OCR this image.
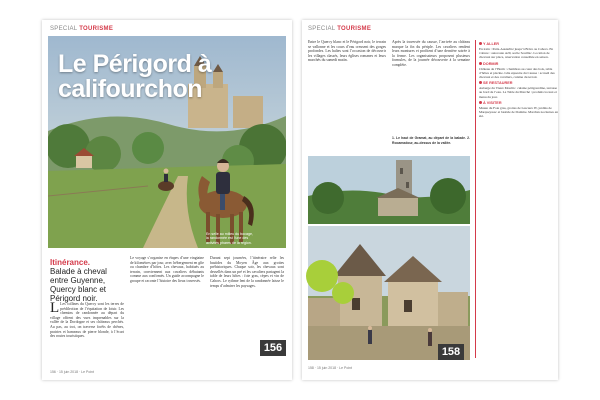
SPECIAL TOURISME
Le Périgord à califourchon
En selle au milieu du bocage,
la randonnée est l’une des
activités phares de la région.
156
Itinérance.
Balade à cheval entre Guyenne, Quercy blanc et Périgord noir.
L Les collines du Quercy sont les terres de prédilection de l’équitation de loisir. Les chemins de randonnée au départ du village offrent des vues imprenables sur la vallée de la Dordogne et ses châteaux perchés. Au pas, au trot, on traverse forêts de chênes, prairies et hameaux de pierre blonde, à l’écart des routes touristiques.
Le voyage s’organise en étapes d’une vingtaine de kilomètres par jour, avec hébergement en gîte ou chambre d’hôtes. Les chevaux, habitués au terrain, conviennent aux cavaliers débutants comme aux confirmés. Un guide accompagne le groupe et raconte l’histoire des lieux traversés.
Durant sept journées, l’itinéraire relie les bastides du Moyen Âge aux grottes préhistoriques. Chaque soir, les chevaux sont dessellés dans un pré et les cavaliers partagent la table de leurs hôtes : foie gras, cèpes et vin de Cahors. Le rythme lent de la randonnée laisse le temps d’admirer les paysages.
156 · 15 juin 2018 · Le Point
SPECIAL TOURISME
Entre le Quercy blanc et le Périgord noir, le terrain se vallonne et les cours d’eau creusent des gorges profondes. Les haltes sont l’occasion de découvrir les villages classés, leurs églises romanes et leurs marchés du samedi matin.
Après la traversée du causse, l’arrivée au château marque la fin du périple. Les cavaliers rendent leurs montures et profitent d’une dernière soirée à la ferme. Les organisateurs proposent plusieurs formules, de la journée découverte à la semaine complète.
1. Le haut de Gramat, au départ de la balade. 2. Rocamadour, au-dessus de la vallée.
158
Y ALLER
En train : Paris-Austerlitz jusqu’à Brive ou Cahors. En voiture : autoroute A20, sortie Souillac. Location de chevaux sur place, réservation conseillée en saison.
DORMIR
Château de l’Herm : chambres au cœur des bois, table d’hôtes et piscine. Gîte équestre du Causse : accueil des chevaux et des cavaliers, cuisine du terroir.
SE RESTAURER
Auberge du Vieux Moulin : cuisine périgourdine, terrasse au bord de l’eau. La Table du Marché : produits locaux et menu du jour.
À VISITER
Musée du Foie gras, grottes de Lascaux IV, jardins de Marqueyssac et bastide de Domme. Marchés nocturnes en été.
158 · 15 juin 2018 · Le Point
